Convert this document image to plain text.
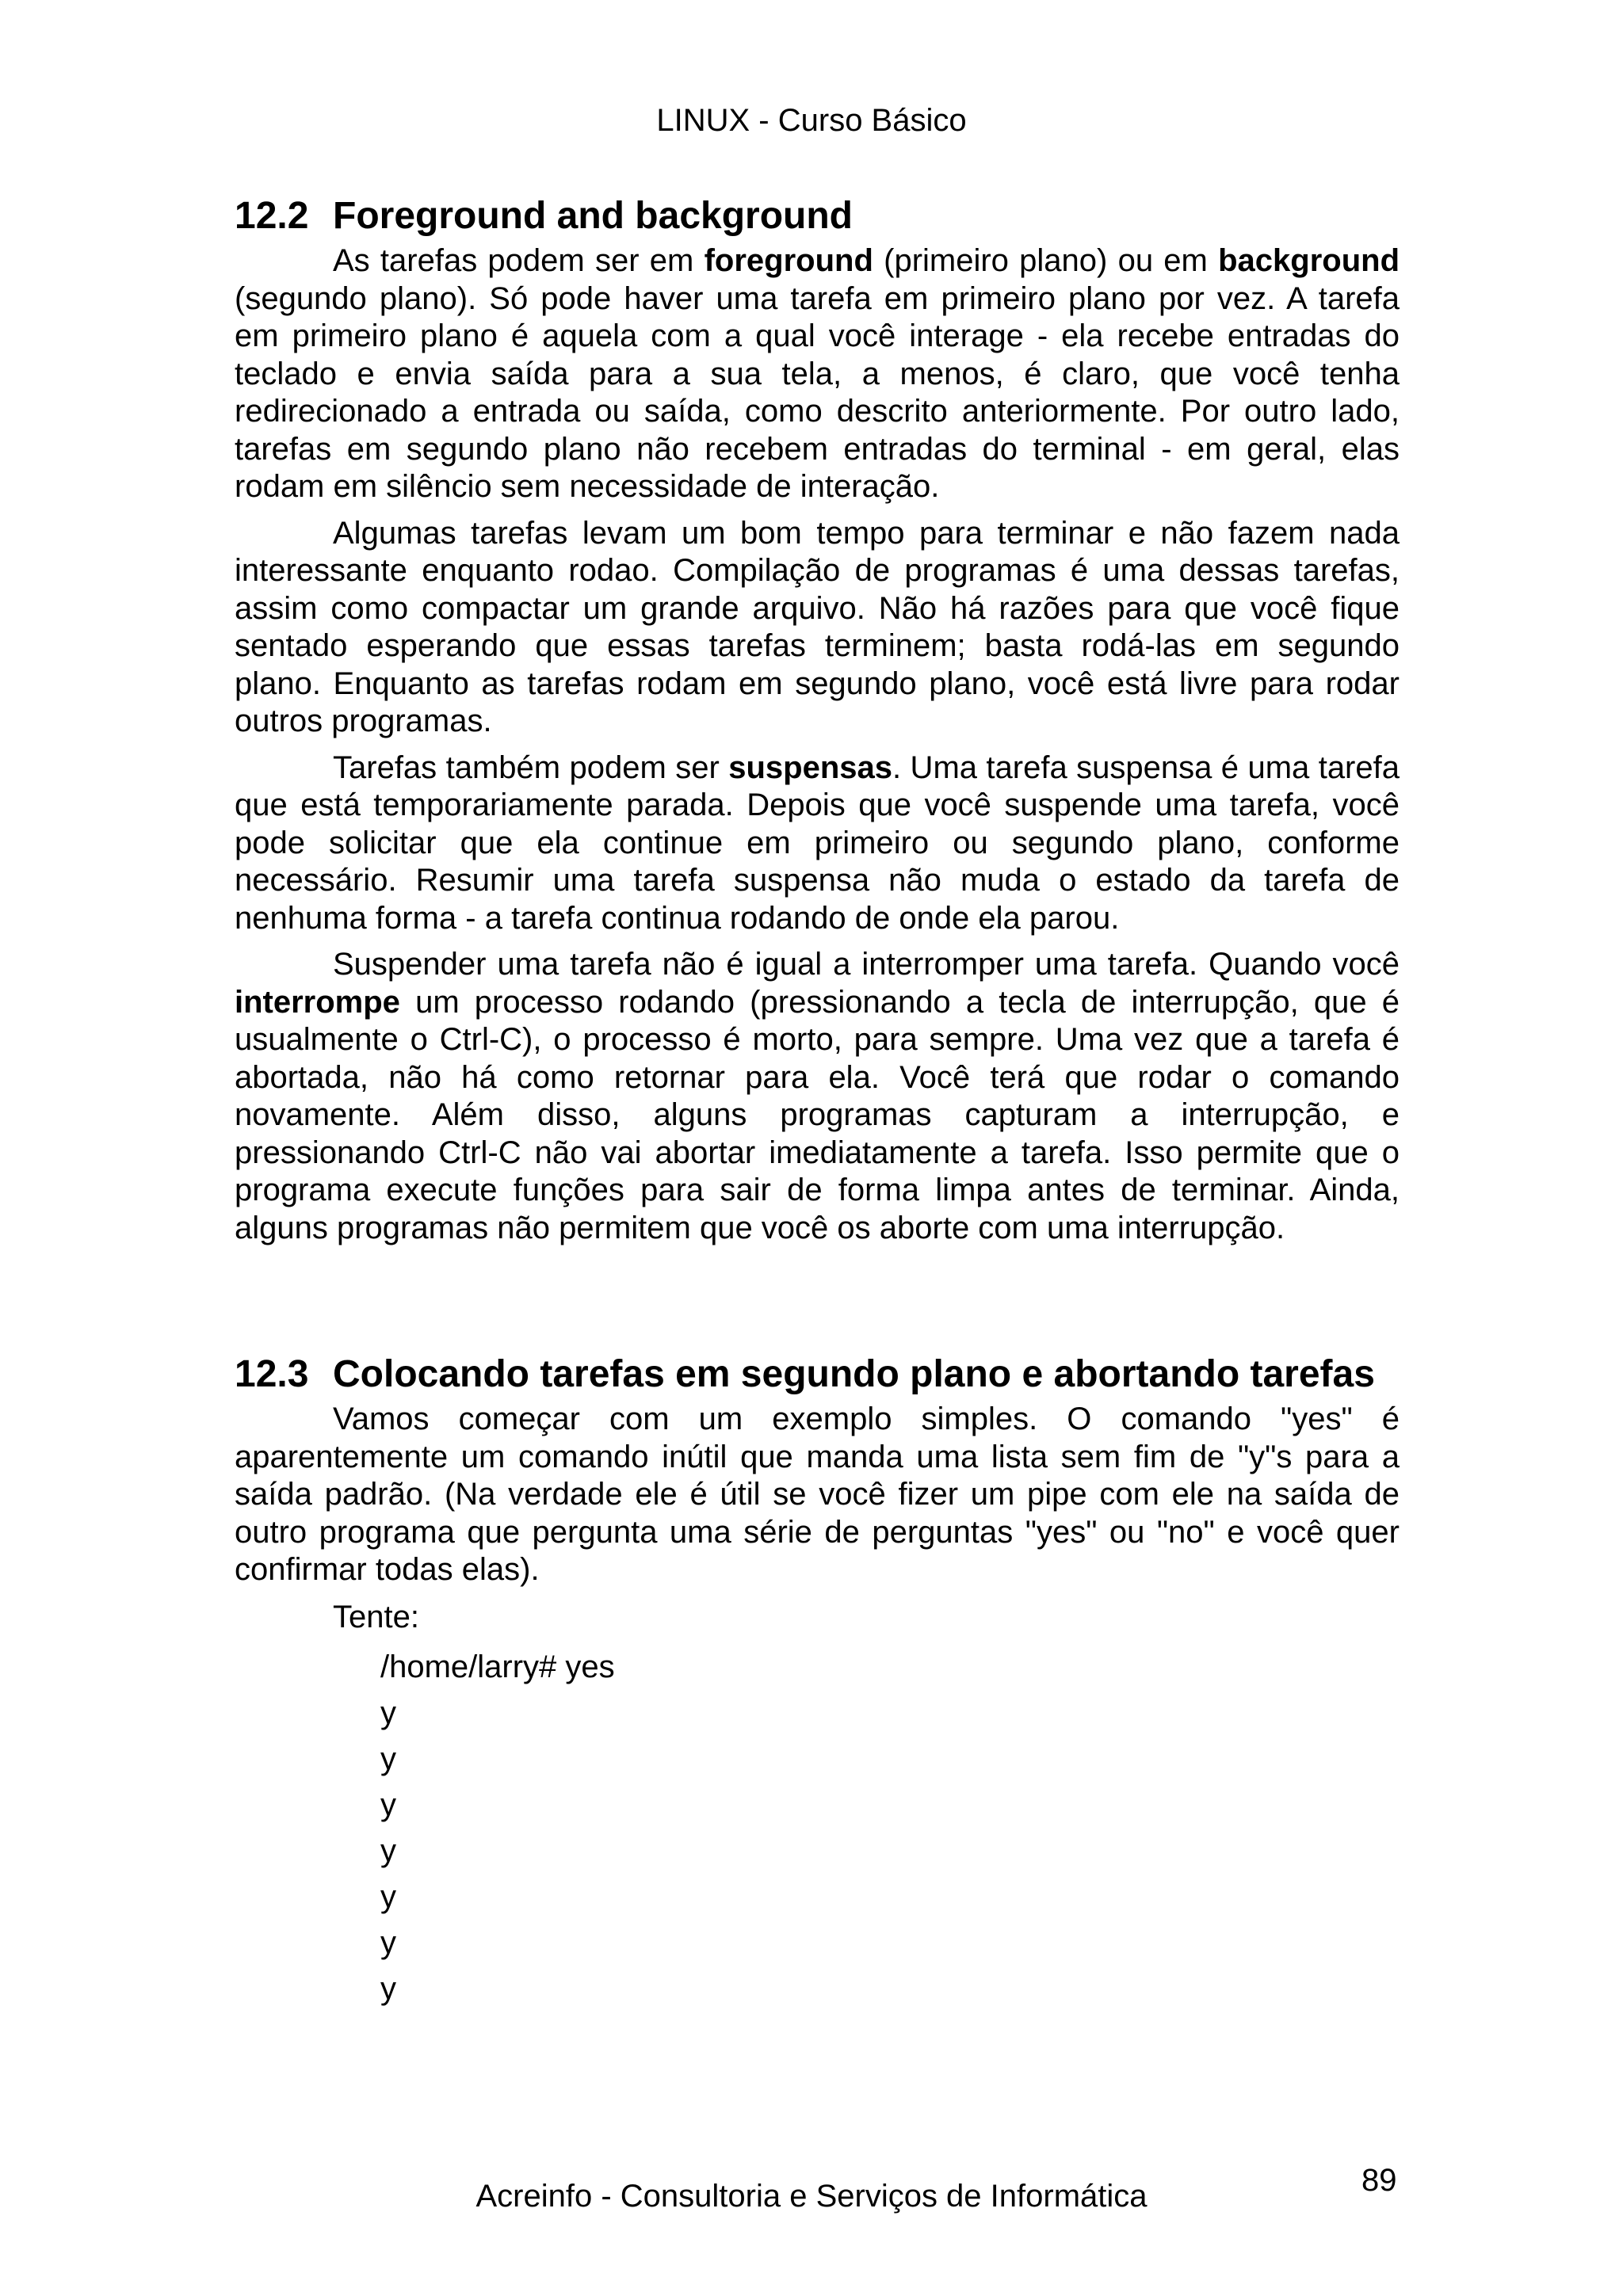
LINUX - Curso Básico
12.2 Foreground and background

As tarefas podem ser em foreground (primeiro plano) ou em background (segundo plano). Só pode haver uma tarefa em primeiro plano por vez. A tarefa em primeiro plano é aquela com a qual você interage - ela recebe entradas do teclado e envia saída para a sua tela, a menos, é claro, que você tenha redirecionado a entrada ou saída, como descrito anteriormente. Por outro lado, tarefas em segundo plano não recebem entradas do terminal - em geral, elas rodam em silêncio sem necessidade de interação.

Algumas tarefas levam um bom tempo para terminar e não fazem nada interessante enquanto rodao. Compilação de programas é uma dessas tarefas, assim como compactar um grande arquivo. Não há razões para que você fique sentado esperando que essas tarefas terminem; basta rodá-las em segundo plano. Enquanto as tarefas rodam em segundo plano, você está livre para rodar outros programas.

Tarefas também podem ser suspensas. Uma tarefa suspensa é uma tarefa que está temporariamente parada. Depois que você suspende uma tarefa, você pode solicitar que ela continue em primeiro ou segundo plano, conforme necessário. Resumir uma tarefa suspensa não muda o estado da tarefa de nenhuma forma - a tarefa continua rodando de onde ela parou.

Suspender uma tarefa não é igual a interromper uma tarefa. Quando você interrompe um processo rodando (pressionando a tecla de interrupção, que é usualmente o Ctrl-C), o processo é morto, para sempre. Uma vez que a tarefa é abortada, não há como retornar para ela. Você terá que rodar o comando novamente. Além disso, alguns programas capturam a interrupção, e pressionando Ctrl-C não vai abortar imediatamente a tarefa. Isso permite que o programa execute funções para sair de forma limpa antes de terminar. Ainda, alguns programas não permitem que você os aborte com uma interrupção.

12.3 Colocando tarefas em segundo plano e abortando tarefas

Vamos começar com um exemplo simples. O comando "yes" é aparentemente um comando inútil que manda uma lista sem fim de "y"s para a saída padrão. (Na verdade ele é útil se você fizer um pipe com ele na saída de outro programa que pergunta uma série de perguntas "yes" ou "no" e você quer confirmar todas elas).

Tente:
/home/larry# yes
y
y
y
y
y
y
y
Acreinfo - Consultoria e Serviços de Informática	89
